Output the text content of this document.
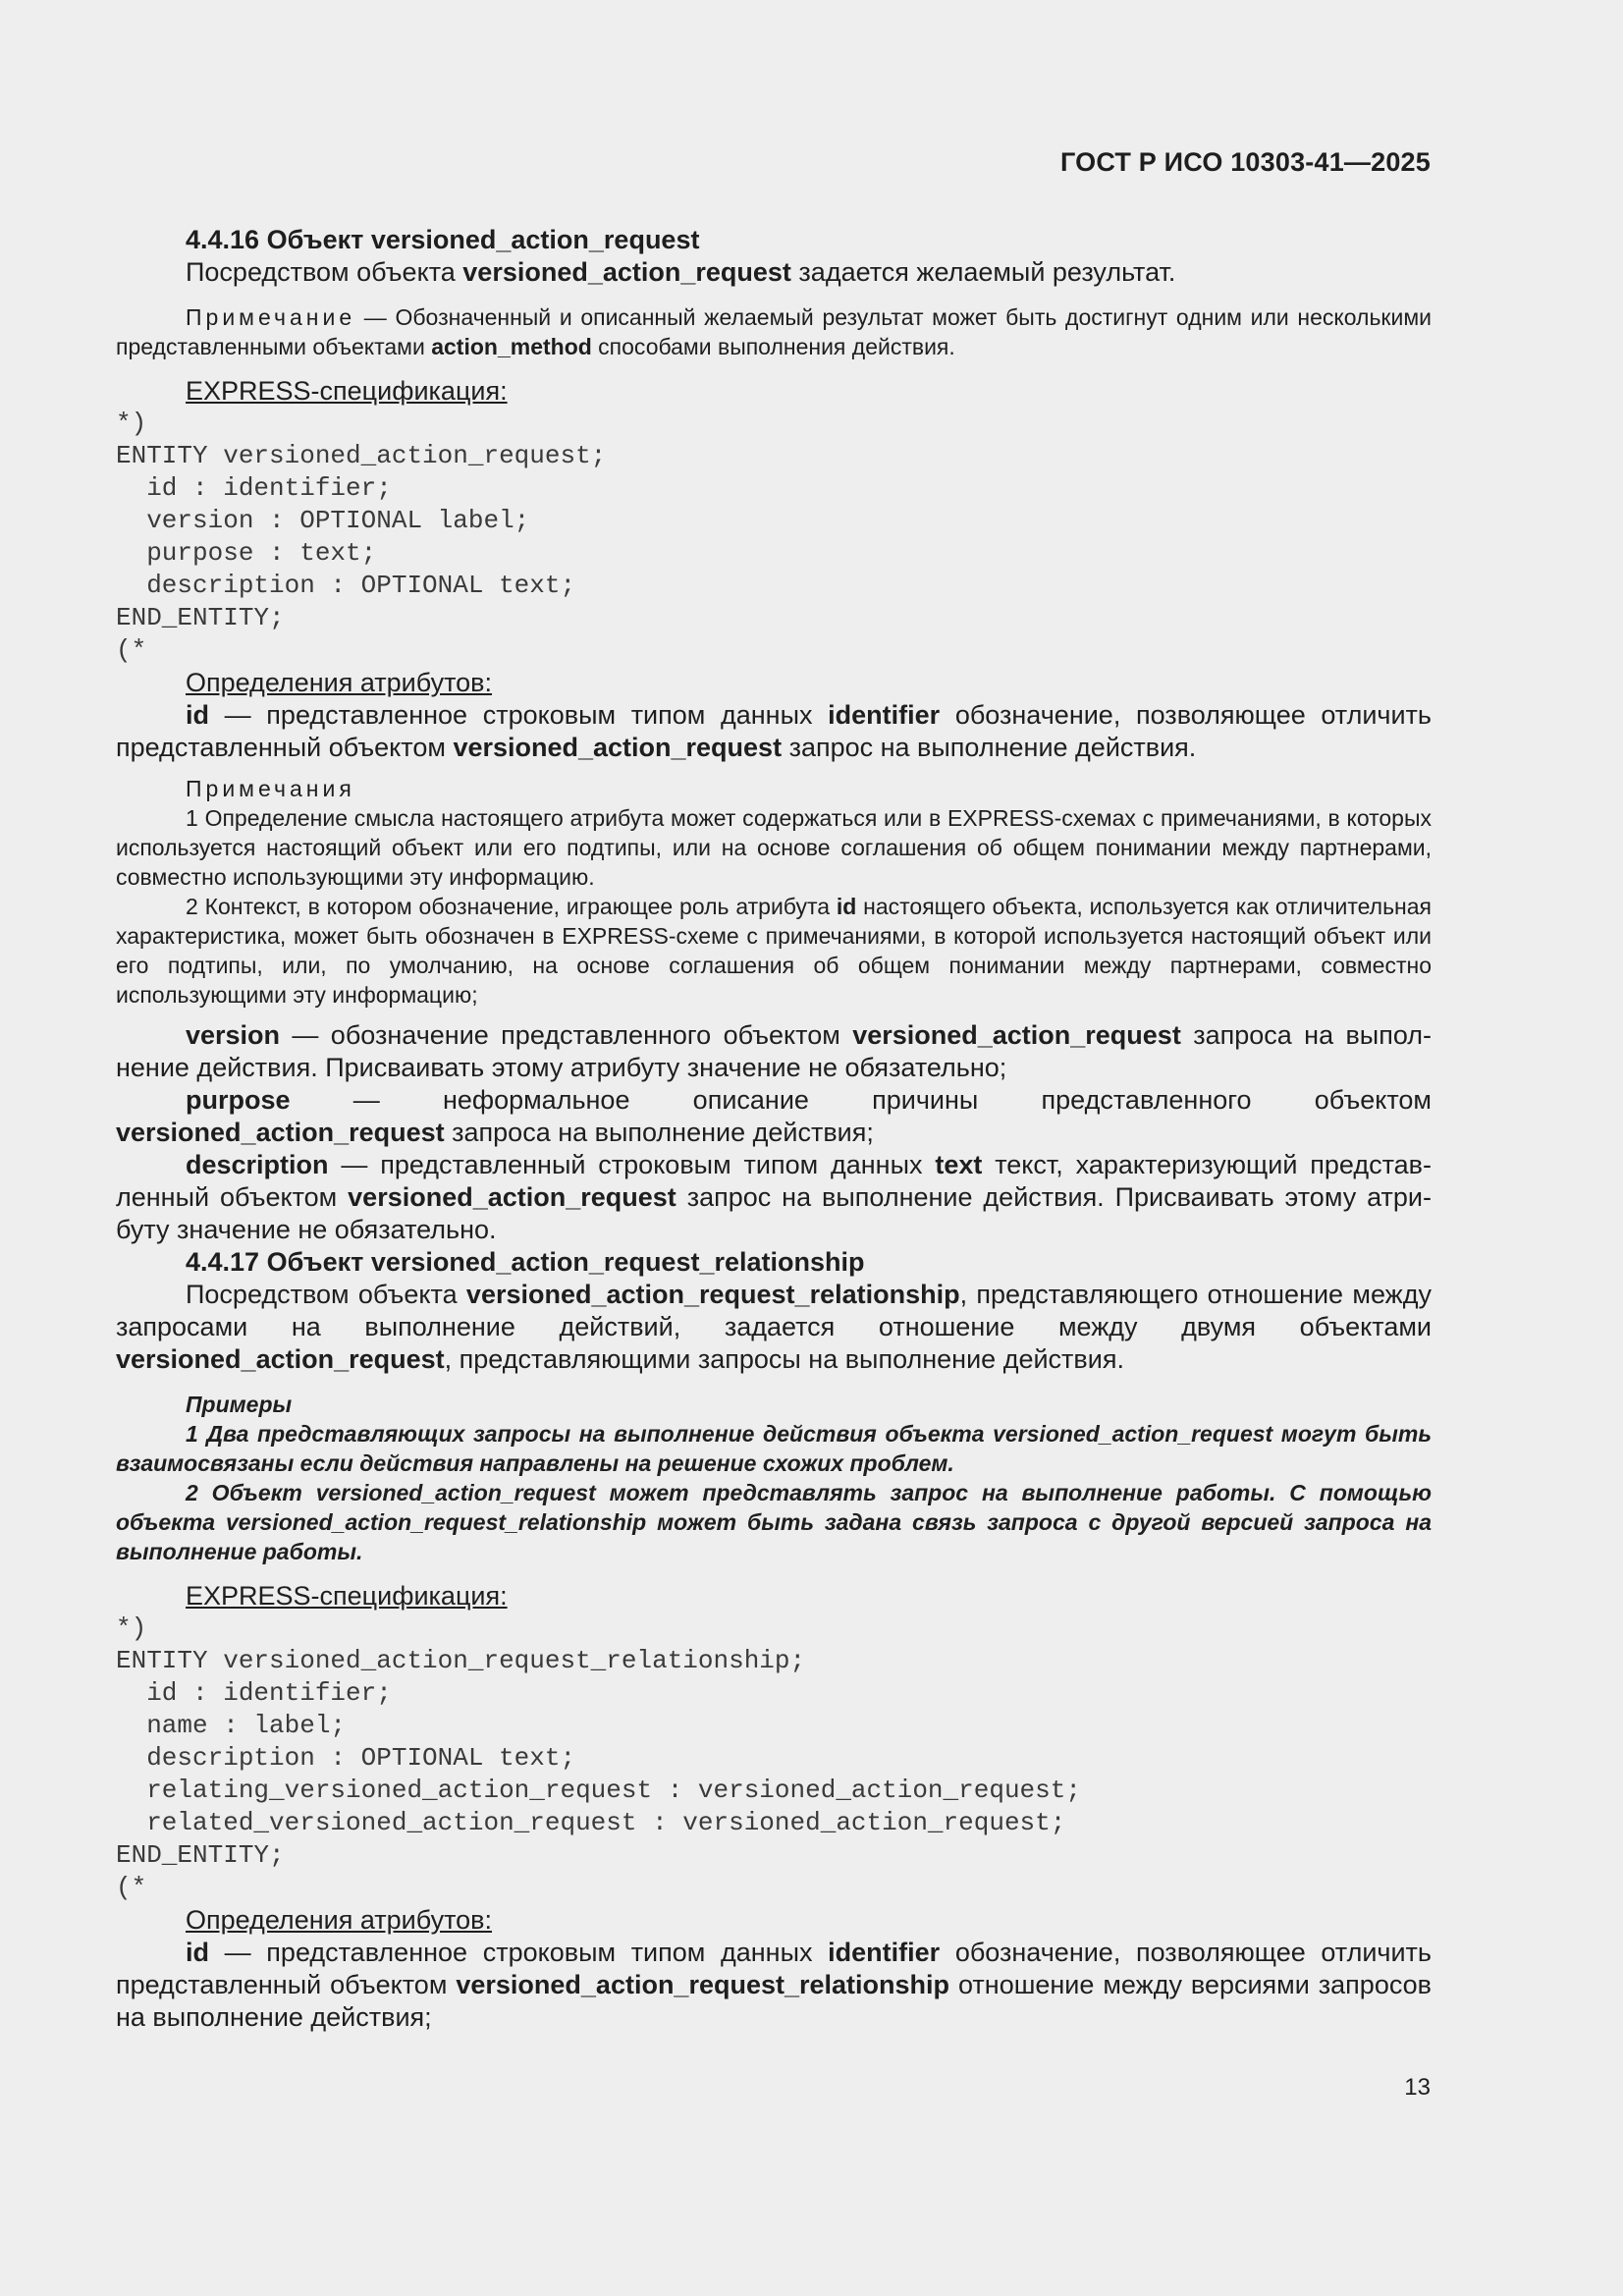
ГОСТ Р ИСО 10303-41—2025

4.4.16 Объект versioned_action_request

Посредством объекта versioned_action_request задается желаемый результат.

Примечание — Обозначенный и описанный желаемый результат может быть достигнут одним или несколькими представленными объектами action_method способами выполнения действия.

EXPRESS-спецификация:

*)

ENTITY versioned_action_request;

id : identifier;

version : OPTIONAL label;

purpose : text;

description : OPTIONAL text;

END_ENTITY;

(*

Определения атрибутов:

id — представленное строковым типом данных identifier обозначение, позволяющее отличить представленный объектом versioned_action_request запрос на выполнение действия.

Примечания

1 Определение смысла настоящего атрибута может содержаться или в EXPRESS-схемах с примечаниями, в которых используется настоящий объект или его подтипы, или на основе соглашения об общем понимании между партнерами, совместно использующими эту информацию.

2 Контекст, в котором обозначение, играющее роль атрибута id настоящего объекта, используется как отличительная характеристика, может быть обозначен в EXPRESS-схеме с примечаниями, в которой используется настоящий объект или его подтипы, или, по умолчанию, на основе соглашения об общем понимании между партнерами, совместно использующими эту информацию;

version — обозначение представленного объектом versioned_action_request запроса на выполнение действия. Присваивать этому атрибуту значение не обязательно;

purpose — неформальное описание причины представленного объектом versioned_action_request запроса на выполнение действия;

description — представленный строковым типом данных text текст, характеризующий представленный объектом versioned_action_request запрос на выполнение действия. Присваивать этому атрибуту значение не обязательно.

4.4.17 Объект versioned_action_request_relationship

Посредством объекта versioned_action_request_relationship, представляющего отношение между запросами на выполнение действий, задается отношение между двумя объектами versioned_action_request, представляющими запросы на выполнение действия.

Примеры

1 Два представляющих запросы на выполнение действия объекта versioned_action_request могут быть взаимосвязаны если действия направлены на решение схожих проблем.

2 Объект versioned_action_request может представлять запрос на выполнение работы. С помощью объекта versioned_action_request_relationship может быть задана связь запроса с другой версией запроса на выполнение работы.

EXPRESS-спецификация:

*)

ENTITY versioned_action_request_relationship;

id : identifier;

name : label;

description : OPTIONAL text;

relating_versioned_action_request : versioned_action_request;

related_versioned_action_request : versioned_action_request;

END_ENTITY;

(*

Определения атрибутов:

id — представленное строковым типом данных identifier обозначение, позволяющее отличить представленный объектом versioned_action_request_relationship отношение между версиями запросов на выполнение действия;

13
